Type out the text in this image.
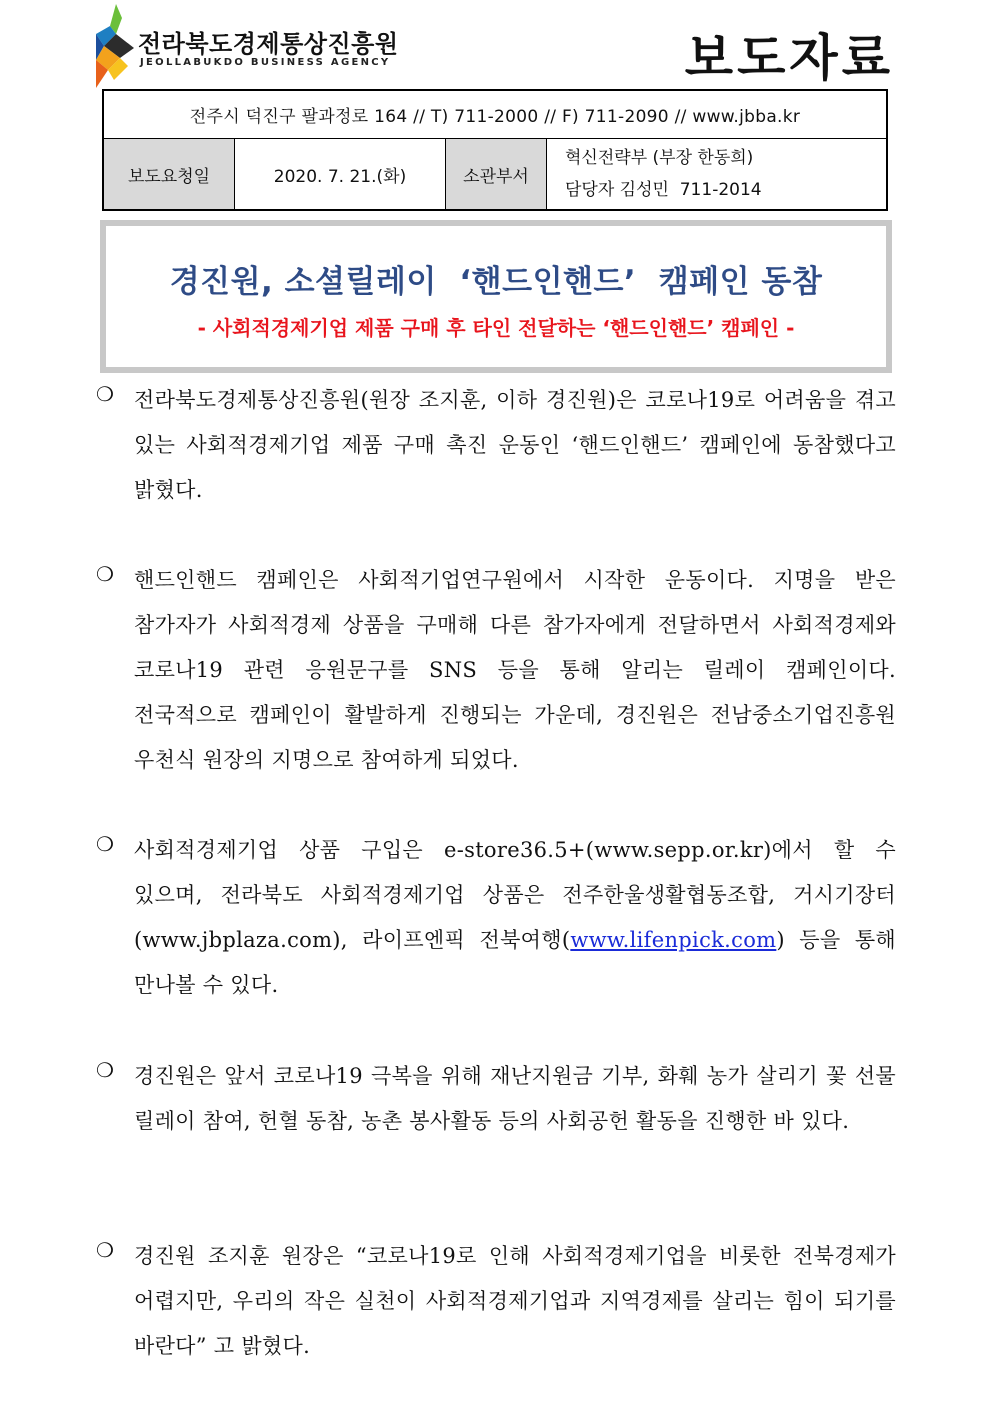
전라북도경제통상진흥원
JEOLLABUKDO BUSINESS AGENCY	보도자료
전주시 덕진구 팔과정로 164 // T) 711-2000 // F) 711-2090 // www.jbba.kr
보도요청일	2020. 7. 21.(화)	소관부서	
혁신전략부 (부장 한동희)
담당자 김성민  711-2014
경진원, 소셜릴레이  ‘핸드인핸드’  캠페인 동참
- 사회적경제기업 제품 구매 후 타인 전달하는 ‘핸드인핸드’ 캠페인 -
❍ 전라북도경제통상진흥원(원장 조지훈, 이하 경진원)은 코로나19로 어려움을 겪고 있는 사회적경제기업 제품 구매 촉진 운동인 ‘핸드인핸드’ 캠페인에 동참했다고 밝혔다.
❍ 핸드인핸드 캠페인은 사회적기업연구원에서 시작한 운동이다. 지명을 받은 참가자가 사회적경제 상품을 구매해 다른 참가자에게 전달하면서 사회적경제와 코로나19 관련 응원문구를 SNS 등을 통해 알리는 릴레이 캠페인이다. 전국적으로 캠페인이 활발하게 진행되는 가운데, 경진원은 전남중소기업진흥원 우천식 원장의 지명으로 참여하게 되었다.
❍ 사회적경제기업 상품 구입은 e-store36.5+(www.sepp.or.kr)에서 할 수 있으며, 전라북도 사회적경제기업 상품은 전주한울생활협동조합, 거시기장터(www.jbplaza.com), 라이프엔픽 전북여행(www.lifenpick.com) 등을 통해 만나볼 수 있다.
❍ 경진원은 앞서 코로나19 극복을 위해 재난지원금 기부, 화훼 농가 살리기 꽃 선물 릴레이 참여, 헌혈 동참, 농촌 봉사활동 등의 사회공헌 활동을 진행한 바 있다.
❍ 경진원 조지훈 원장은 “코로나19로 인해 사회적경제기업을 비롯한 전북경제가 어렵지만, 우리의 작은 실천이 사회적경제기업과 지역경제를 살리는 힘이 되기를 바란다” 고 밝혔다.
